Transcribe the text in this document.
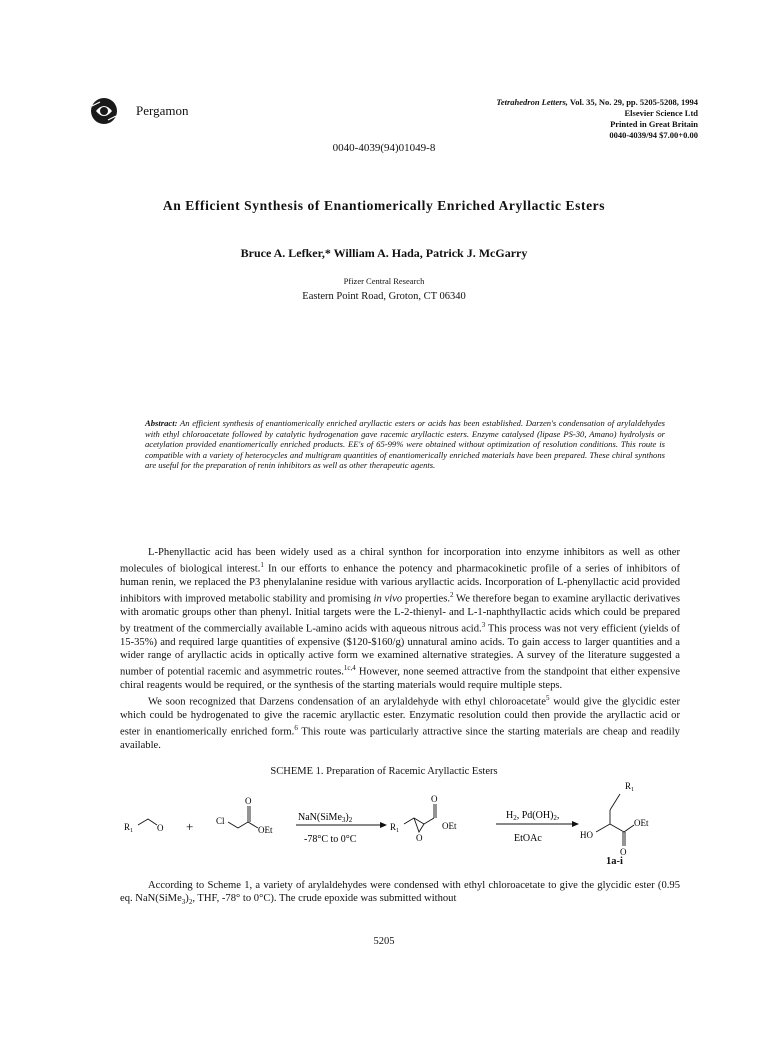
Pergamon
Tetrahedron Letters, Vol. 35, No. 29, pp. 5205-5208, 1994
Elsevier Science Ltd
Printed in Great Britain
0040-4039/94 $7.00+0.00
0040-4039(94)01049-8
An Efficient Synthesis of Enantiomerically Enriched Aryllactic Esters
Bruce A. Lefker,* William A. Hada, Patrick J. McGarry
Pfizer Central Research
Eastern Point Road, Groton, CT 06340
Abstract: An efficient synthesis of enantiomerically enriched aryllactic esters or acids has been established. Darzen's condensation of arylaldehydes with ethyl chloroacetate followed by catalytic hydrogenation gave racemic aryllactic esters. Enzyme catalysed (lipase PS-30, Amano) hydrolysis or acetylation provided enantiomerically enriched products. EE's of 65-99% were obtained without optimization of resolution conditions. This route is compatible with a variety of heterocycles and multigram quantities of enantiomerically enriched materials have been prepared. These chiral synthons are useful for the preparation of renin inhibitors as well as other therapeutic agents.
L-Phenyllactic acid has been widely used as a chiral synthon for incorporation into enzyme inhibitors as well as other molecules of biological interest.$^1$ In our efforts to enhance the potency and pharmacokinetic profile of a series of inhibitors of human renin, we replaced the P3 phenylalanine residue with various aryllactic acids. Incorporation of L-phenyllactic acid provided inhibitors with improved metabolic stability and promising in vivo properties.$^2$ We therefore began to examine aryllactic derivatives with aromatic groups other than phenyl. Initial targets were the L-2-thienyl- and L-1-naphthyllactic acids which could be prepared by treatment of the commercially available L-amino acids with aqueous nitrous acid.$^3$ This process was not very efficient (yields of 15-35%) and required large quantities of expensive ($120-$160/g) unnatural amino acids. To gain access to larger quantities and a wider range of aryllactic acids in optically active form we examined alternative strategies. A survey of the literature suggested a number of potential racemic and asymmetric routes.$^{1c,4}$ However, none seemed attractive from the standpoint that either expensive chiral reagents would be required, or the synthesis of the starting materials would require multiple steps.
We soon recognized that Darzens condensation of an arylaldehyde with ethyl chloroacetate$^5$ would give the glycidic ester which could be hydrogenated to give the racemic aryllactic ester. Enzymatic resolution could then provide the aryllactic acid or ester in enantiomerically enriched form.$^6$ This route was particularly attractive since the starting materials are cheap and readily available.
SCHEME 1. Preparation of Racemic Aryllactic Esters
$R_1$	O +	Cl
O
OEt
$NaN(SiMe_3)_2$
-78°C to 0°C
$R_1$
O
O
OEt
$H_2$, $Pd(OH)_2$,
EtOAc
$R_1$
O
OEt
HO
1a-i
According to Scheme 1, a variety of arylaldehydes were condensed with ethyl chloroacetate to give the glycidic ester (0.95 eq. $NaN(SiMe_3)_2$, THF, -78° to 0°C). The crude epoxide was submitted without
5205
